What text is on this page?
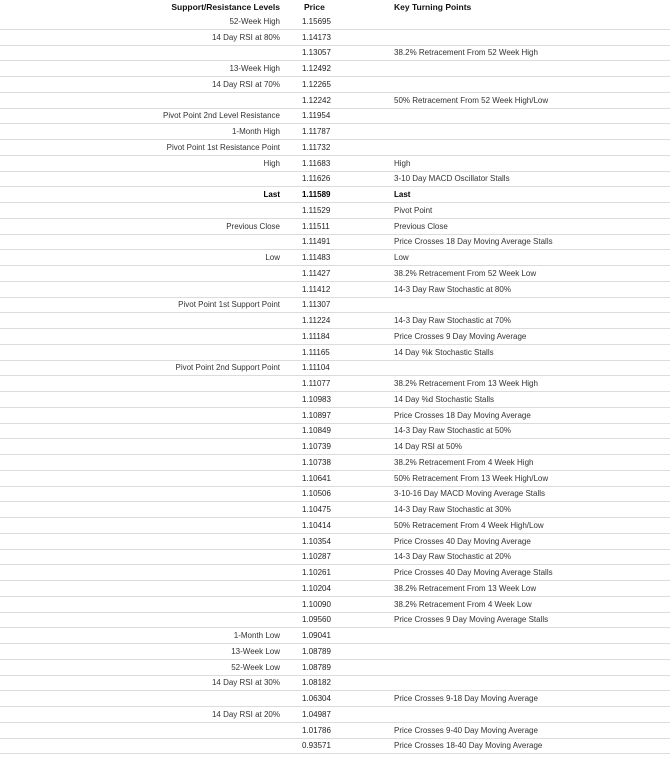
Support/Resistance Levels	Price	Key Turning Points
52-Week High	1.15695	
14 Day RSI at 80%	1.14173	
	1.13057	38.2% Retracement From 52 Week High
13-Week High	1.12492	
14 Day RSI at 70%	1.12265	
	1.12242	50% Retracement From 52 Week High/Low
Pivot Point 2nd Level Resistance	1.11954	
1-Month High	1.11787	
Pivot Point 1st Resistance Point	1.11732	
High	1.11683	High
	1.11626	3-10 Day MACD Oscillator Stalls
Last	1.11589	Last
	1.11529	Pivot Point
Previous Close	1.11511	Previous Close
	1.11491	Price Crosses 18 Day Moving Average Stalls
Low	1.11483	Low
	1.11427	38.2% Retracement From 52 Week Low
	1.11412	14-3 Day Raw Stochastic at 80%
Pivot Point 1st Support Point	1.11307	
	1.11224	14-3 Day Raw Stochastic at 70%
	1.11184	Price Crosses 9 Day Moving Average
	1.11165	14 Day %k Stochastic Stalls
Pivot Point 2nd Support Point	1.11104	
	1.11077	38.2% Retracement From 13 Week High
	1.10983	14 Day %d Stochastic Stalls
	1.10897	Price Crosses 18 Day Moving Average
	1.10849	14-3 Day Raw Stochastic at 50%
	1.10739	14 Day RSI at 50%
	1.10738	38.2% Retracement From 4 Week High
	1.10641	50% Retracement From 13 Week High/Low
	1.10506	3-10-16 Day MACD Moving Average Stalls
	1.10475	14-3 Day Raw Stochastic at 30%
	1.10414	50% Retracement From 4 Week High/Low
	1.10354	Price Crosses 40 Day Moving Average
	1.10287	14-3 Day Raw Stochastic at 20%
	1.10261	Price Crosses 40 Day Moving Average Stalls
	1.10204	38.2% Retracement From 13 Week Low
	1.10090	38.2% Retracement From 4 Week Low
	1.09560	Price Crosses 9 Day Moving Average Stalls
1-Month Low	1.09041	
13-Week Low	1.08789	
52-Week Low	1.08789	
14 Day RSI at 30%	1.08182	
	1.06304	Price Crosses 9-18 Day Moving Average
14 Day RSI at 20%	1.04987	
	1.01786	Price Crosses 9-40 Day Moving Average
	0.93571	Price Crosses 18-40 Day Moving Average
